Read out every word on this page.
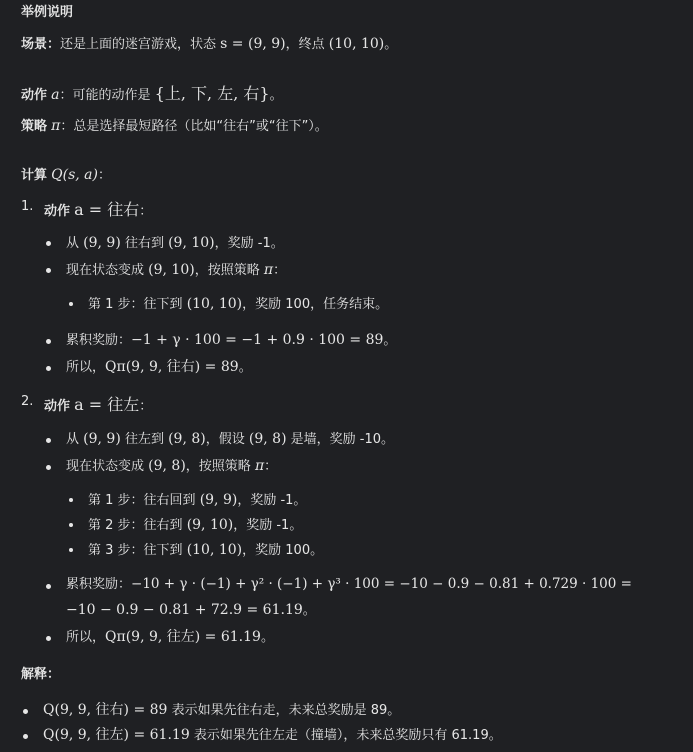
举例说明
场景：还是上面的迷宫游戏，状态 s = (9, 9)，终点 (10, 10)。
动作 a：可能的动作是 {上, 下, 左, 右}。
策略 π：总是选择最短路径（比如“往右”或“往下”）。
计算 Q(s, a)：
1. 动作 a = 往右：
从 (9, 9) 往右到 (9, 10)，奖励 -1。
现在状态变成 (9, 10)，按照策略 π：
第 1 步：往下到 (10, 10)，奖励 100，任务结束。
累积奖励：−1 + γ · 100 = −1 + 0.9 · 100 = 89。
所以，Qπ(9, 9, 往右) = 89。
2. 动作 a = 往左：
从 (9, 9) 往左到 (9, 8)，假设 (9, 8) 是墙，奖励 -10。
现在状态变成 (9, 8)，按照策略 π：
第 1 步：往右回到 (9, 9)，奖励 -1。
第 2 步：往右到 (9, 10)，奖励 -1。
第 3 步：往下到 (10, 10)，奖励 100。
累积奖励：−10 + γ · (−1) + γ² · (−1) + γ³ · 100 = −10 − 0.9 − 0.81 + 0.729 · 100 =
−10 − 0.9 − 0.81 + 72.9 = 61.19。
所以，Qπ(9, 9, 往左) = 61.19。
解释：
Q(9, 9, 往右) = 89 表示如果先往右走，未来总奖励是 89。
Q(9, 9, 往左) = 61.19 表示如果先往左走（撞墙），未来总奖励只有 61.19。
